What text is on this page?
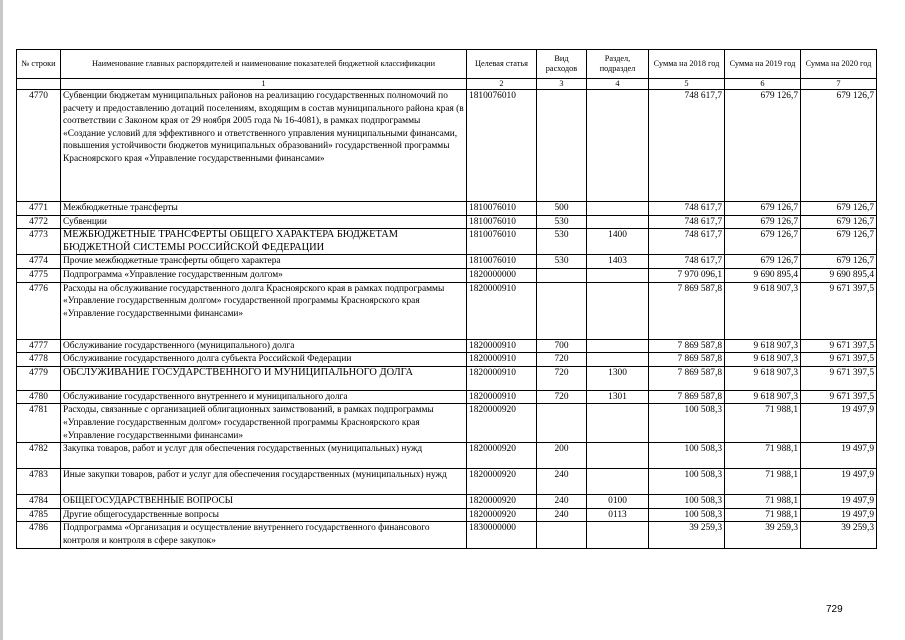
№ строки	Наименование главных распорядителей и наименование показателей бюджетной классификации	Целевая статья	Вид расходов	Раздел, подраздел	Сумма на 2018 год	Сумма на 2019 год	Сумма на 2020 год
	1	2	3	4	5	6	7
4770	Субвенции бюджетам муниципальных районов на реализацию государственных полномочий по расчету и предоставлению дотаций поселениям, входящим в состав муниципального района края (в соответствии с Законом края от 29 ноября 2005 года № 16-4081), в рамках подпрограммы «Создание условий для эффективного и ответственного управления муниципальными финансами, повышения устойчивости бюджетов муниципальных образований» государственной программы Красноярского края «Управление государственными финансами»	1810076010			748 617,7	679 126,7	679 126,7
4771	Межбюджетные трансферты	1810076010	500		748 617,7	679 126,7	679 126,7
4772	Субвенции	1810076010	530		748 617,7	679 126,7	679 126,7
4773	МЕЖБЮДЖЕТНЫЕ ТРАНСФЕРТЫ ОБЩЕГО ХАРАКТЕРА БЮДЖЕТАМ БЮДЖЕТНОЙ СИСТЕМЫ РОССИЙСКОЙ ФЕДЕРАЦИИ	1810076010	530	1400	748 617,7	679 126,7	679 126,7
4774	Прочие межбюджетные трансферты общего характера	1810076010	530	1403	748 617,7	679 126,7	679 126,7
4775	Подпрограмма «Управление государственным долгом»	1820000000			7 970 096,1	9 690 895,4	9 690 895,4
4776	Расходы на обслуживание государственного долга Красноярского края в рамках подпрограммы «Управление государственным долгом» государственной программы Красноярского края «Управление государственными финансами»	1820000910			7 869 587,8	9 618 907,3	9 671 397,5
4777	Обслуживание государственного (муниципального) долга	1820000910	700		7 869 587,8	9 618 907,3	9 671 397,5
4778	Обслуживание государственного долга субъекта Российской Федерации	1820000910	720		7 869 587,8	9 618 907,3	9 671 397,5
4779	ОБСЛУЖИВАНИЕ ГОСУДАРСТВЕННОГО И МУНИЦИПАЛЬНОГО ДОЛГА	1820000910	720	1300	7 869 587,8	9 618 907,3	9 671 397,5
4780	Обслуживание государственного внутреннего и муниципального долга	1820000910	720	1301	7 869 587,8	9 618 907,3	9 671 397,5
4781	Расходы, связанные с организацией облигационных заимствований, в рамках подпрограммы «Управление государственным долгом» государственной программы Красноярского края «Управление государственными финансами»	1820000920			100 508,3	71 988,1	19 497,9
4782	Закупка товаров, работ и услуг для обеспечения государственных (муниципальных) нужд	1820000920	200		100 508,3	71 988,1	19 497,9
4783	Иные закупки товаров, работ и услуг для обеспечения государственных (муниципальных) нужд	1820000920	240		100 508,3	71 988,1	19 497,9
4784	ОБЩЕГОСУДАРСТВЕННЫЕ ВОПРОСЫ	1820000920	240	0100	100 508,3	71 988,1	19 497,9
4785	Другие общегосударственные вопросы	1820000920	240	0113	100 508,3	71 988,1	19 497,9
4786	Подпрограмма «Организация и осуществление внутреннего государственного финансового контроля и контроля в сфере закупок»	1830000000			39 259,3	39 259,3	39 259,3
729
